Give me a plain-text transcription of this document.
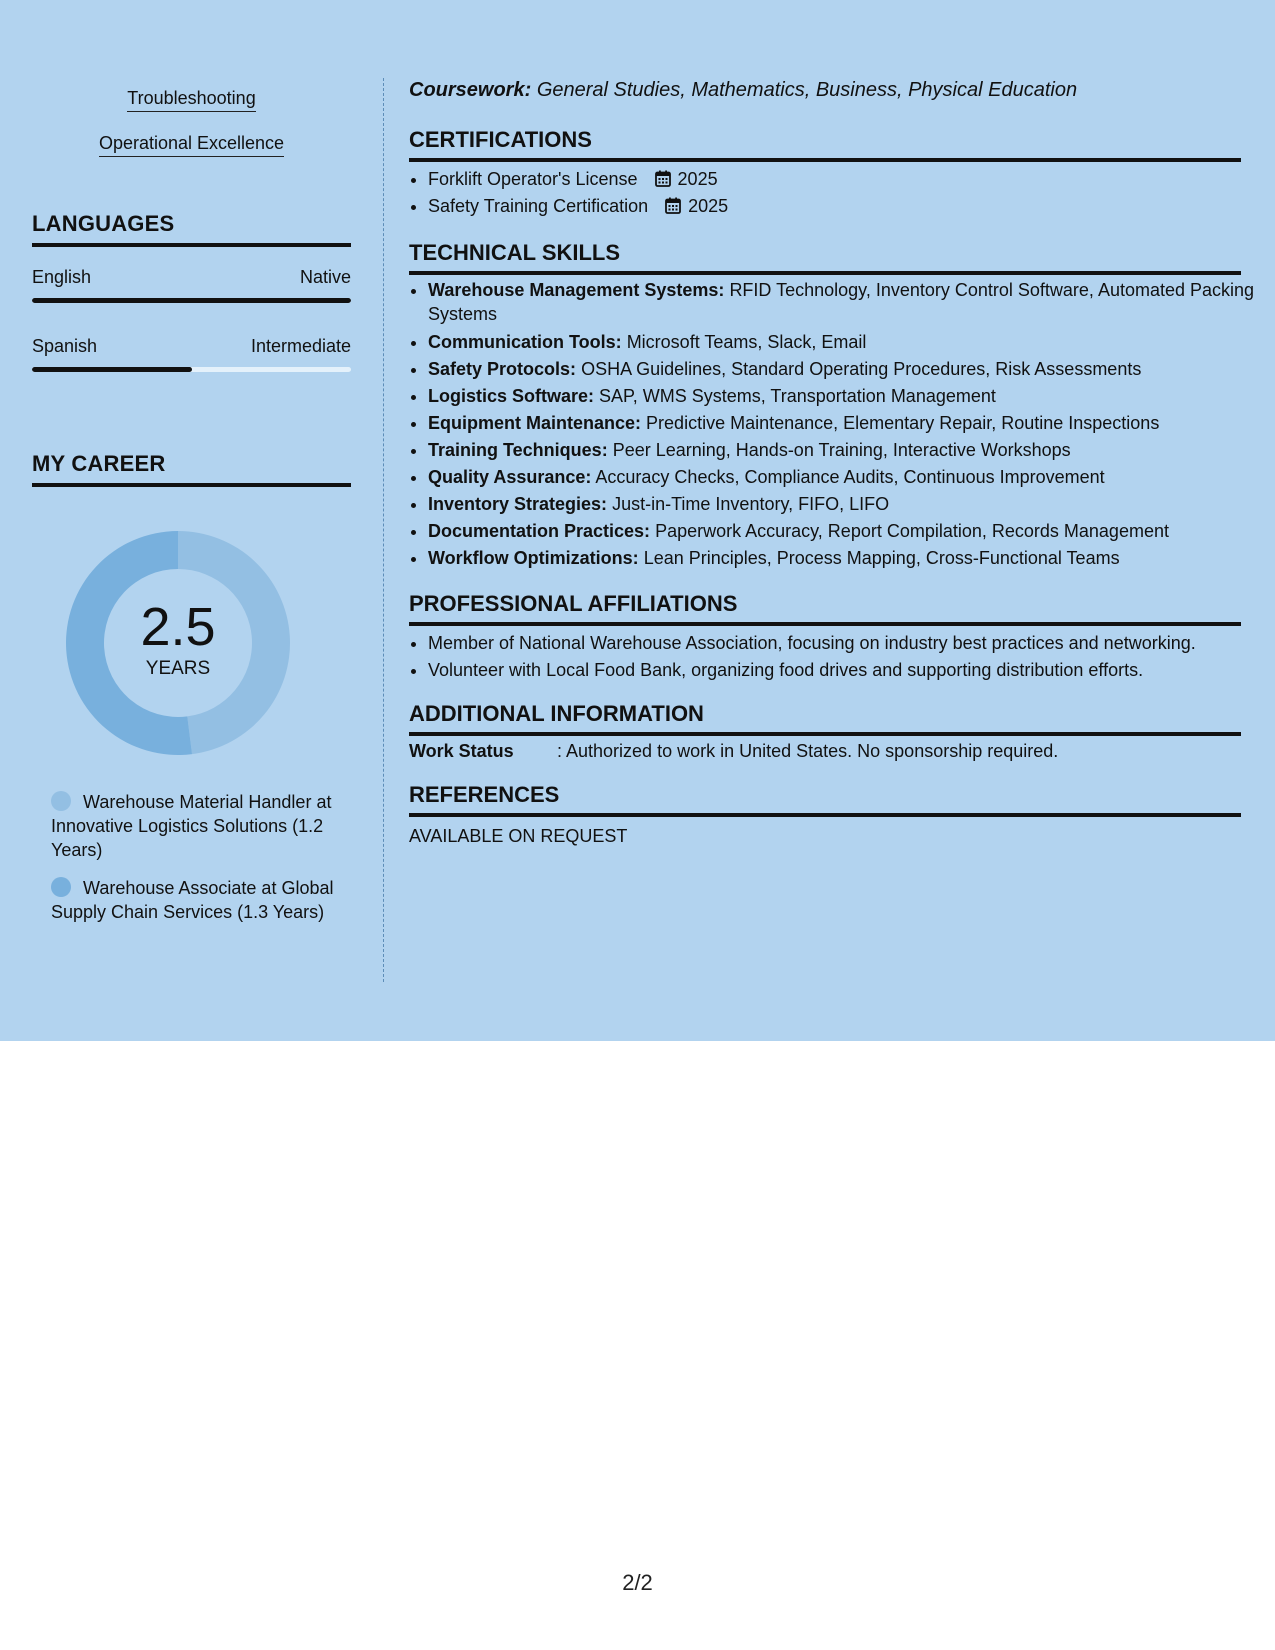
Troubleshooting
Operational Excellence
LANGUAGES
English	Native
Spanish	Intermediate
MY CAREER
2.5
YEARS
Warehouse Material Handler at Innovative Logistics Solutions (1.2 Years)
Warehouse Associate at Global Supply Chain Services (1.3 Years)
Coursework: General Studies, Mathematics, Business, Physical Education
CERTIFICATIONS
• Forklift Operator's License 2025
• Safety Training Certification 2025
TECHNICAL SKILLS
• Warehouse Management Systems: RFID Technology, Inventory Control Software, Automated Packing Systems
• Communication Tools: Microsoft Teams, Slack, Email
• Safety Protocols: OSHA Guidelines, Standard Operating Procedures, Risk Assessments
• Logistics Software: SAP, WMS Systems, Transportation Management
• Equipment Maintenance: Predictive Maintenance, Elementary Repair, Routine Inspections
• Training Techniques: Peer Learning, Hands-on Training, Interactive Workshops
• Quality Assurance: Accuracy Checks, Compliance Audits, Continuous Improvement
• Inventory Strategies: Just-in-Time Inventory, FIFO, LIFO
• Documentation Practices: Paperwork Accuracy, Report Compilation, Records Management
• Workflow Optimizations: Lean Principles, Process Mapping, Cross-Functional Teams
PROFESSIONAL AFFILIATIONS
• Member of National Warehouse Association, focusing on industry best practices and networking.
• Volunteer with Local Food Bank, organizing food drives and supporting distribution efforts.
ADDITIONAL INFORMATION
Work Status : Authorized to work in United States. No sponsorship required.
REFERENCES
AVAILABLE ON REQUEST
2/2
